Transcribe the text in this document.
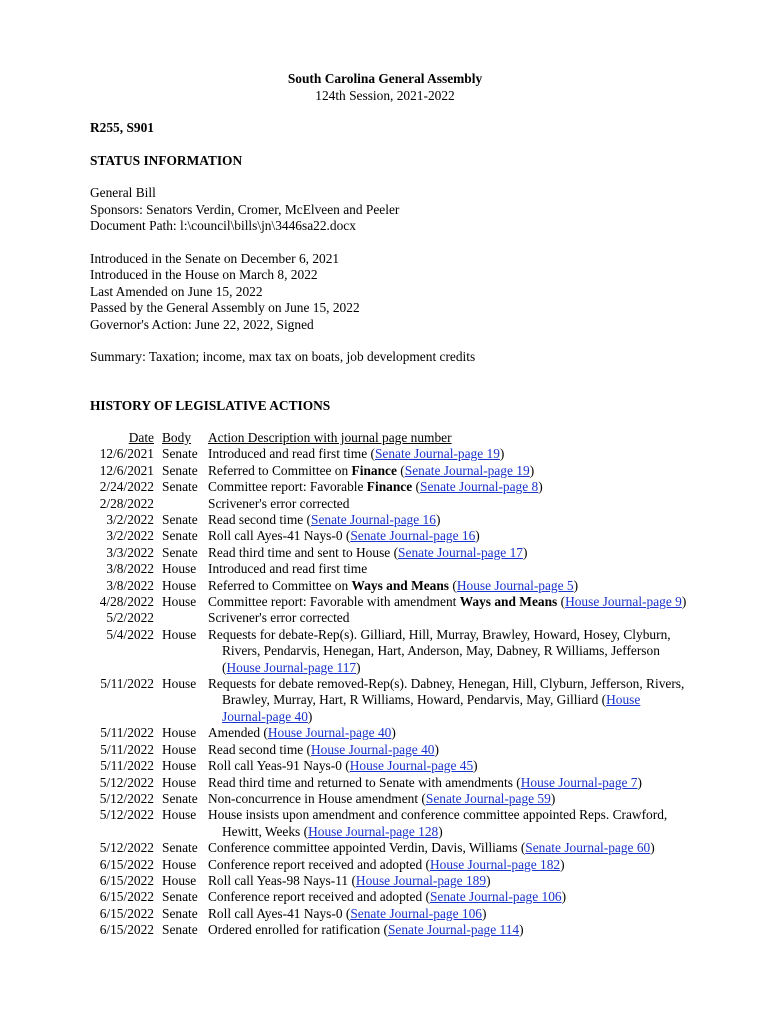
South Carolina General Assembly
124th Session, 2021-2022
R255, S901
STATUS INFORMATION
General Bill
Sponsors: Senators Verdin, Cromer, McElveen and Peeler
Document Path: l:\council\bills\jn\3446sa22.docx
Introduced in the Senate on December 6, 2021
Introduced in the House on March 8, 2022
Last Amended on June 15, 2022
Passed by the General Assembly on June 15, 2022
Governor's Action: June 22, 2022, Signed
Summary: Taxation; income, max tax on boats, job development credits
HISTORY OF LEGISLATIVE ACTIONS
Date Body	Action Description with journal page number
12/6/2021 Senate Introduced and read first time (Senate Journal-page 19)
12/6/2021 Senate Referred to Committee on Finance (Senate Journal-page 19)
2/24/2022 Senate Committee report: Favorable Finance (Senate Journal-page 8)
2/28/2022	Scrivener's error corrected
3/2/2022 Senate Read second time (Senate Journal-page 16)
3/2/2022 Senate Roll call Ayes-41 Nays-0 (Senate Journal-page 16)
3/3/2022 Senate Read third time and sent to House (Senate Journal-page 17)
3/8/2022 House Introduced and read first time
3/8/2022 House Referred to Committee on Ways and Means (House Journal-page 5)
4/28/2022 House Committee report: Favorable with amendment Ways and Means (House Journal-page 9)
5/2/2022	Scrivener's error corrected
5/4/2022 House Requests for debate-Rep(s). Gilliard, Hill, Murray, Brawley, Howard, Hosey, Clyburn, Rivers, Pendarvis, Henegan, Hart, Anderson, May, Dabney, R Williams, Jefferson (House Journal-page 117)
5/11/2022 House Requests for debate removed-Rep(s). Dabney, Henegan, Hill, Clyburn, Jefferson, Rivers, Brawley, Murray, Hart, R Williams, Howard, Pendarvis, May, Gilliard (House Journal-page 40)
5/11/2022 House Amended (House Journal-page 40)
5/11/2022 House Read second time (House Journal-page 40)
5/11/2022 House Roll call Yeas-91 Nays-0 (House Journal-page 45)
5/12/2022 House Read third time and returned to Senate with amendments (House Journal-page 7)
5/12/2022 Senate Non-concurrence in House amendment (Senate Journal-page 59)
5/12/2022 House House insists upon amendment and conference committee appointed Reps. Crawford, Hewitt, Weeks (House Journal-page 128)
5/12/2022 Senate Conference committee appointed Verdin, Davis, Williams (Senate Journal-page 60)
6/15/2022 House Conference report received and adopted (House Journal-page 182)
6/15/2022 House Roll call Yeas-98 Nays-11 (House Journal-page 189)
6/15/2022 Senate Conference report received and adopted (Senate Journal-page 106)
6/15/2022 Senate Roll call Ayes-41 Nays-0 (Senate Journal-page 106)
6/15/2022 Senate Ordered enrolled for ratification (Senate Journal-page 114)
